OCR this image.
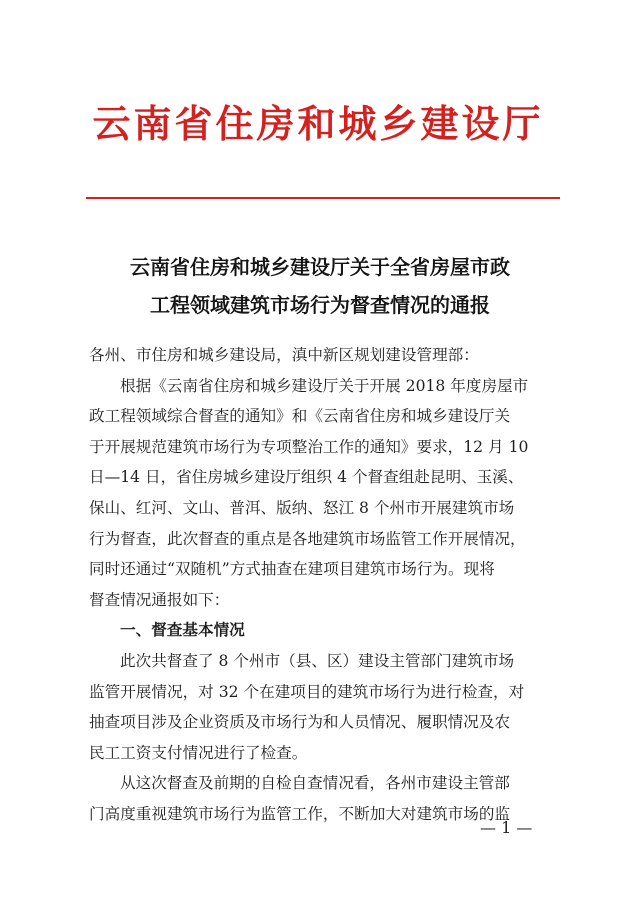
云南省住房和城乡建设厅
云南省住房和城乡建设厅关于全省房屋市政
工程领域建筑市场行为督查情况的通报
各州、市住房和城乡建设局，滇中新区规划建设管理部：
根据《云南省住房和城乡建设厅关于开展 2018 年度房屋市
政工程领域综合督查的通知》和《云南省住房和城乡建设厅关
于开展规范建筑市场行为专项整治工作的通知》要求，12 月 10
日—14 日，省住房城乡建设厅组织 4 个督查组赴昆明、玉溪、
保山、红河、文山、普洱、版纳、怒江 8 个州市开展建筑市场
行为督查，此次督查的重点是各地建筑市场监管工作开展情况，
同时还通过“双随机”方式抽查在建项目建筑市场行为。现将
督查情况通报如下：
一、督查基本情况
此次共督查了 8 个州市（县、区）建设主管部门建筑市场
监管开展情况，对 32 个在建项目的建筑市场行为进行检查，对
抽查项目涉及企业资质及市场行为和人员情况、履职情况及农
民工工资支付情况进行了检查。
从这次督查及前期的自检自查情况看，各州市建设主管部
门高度重视建筑市场行为监管工作，不断加大对建筑市场的监
— 1 —
